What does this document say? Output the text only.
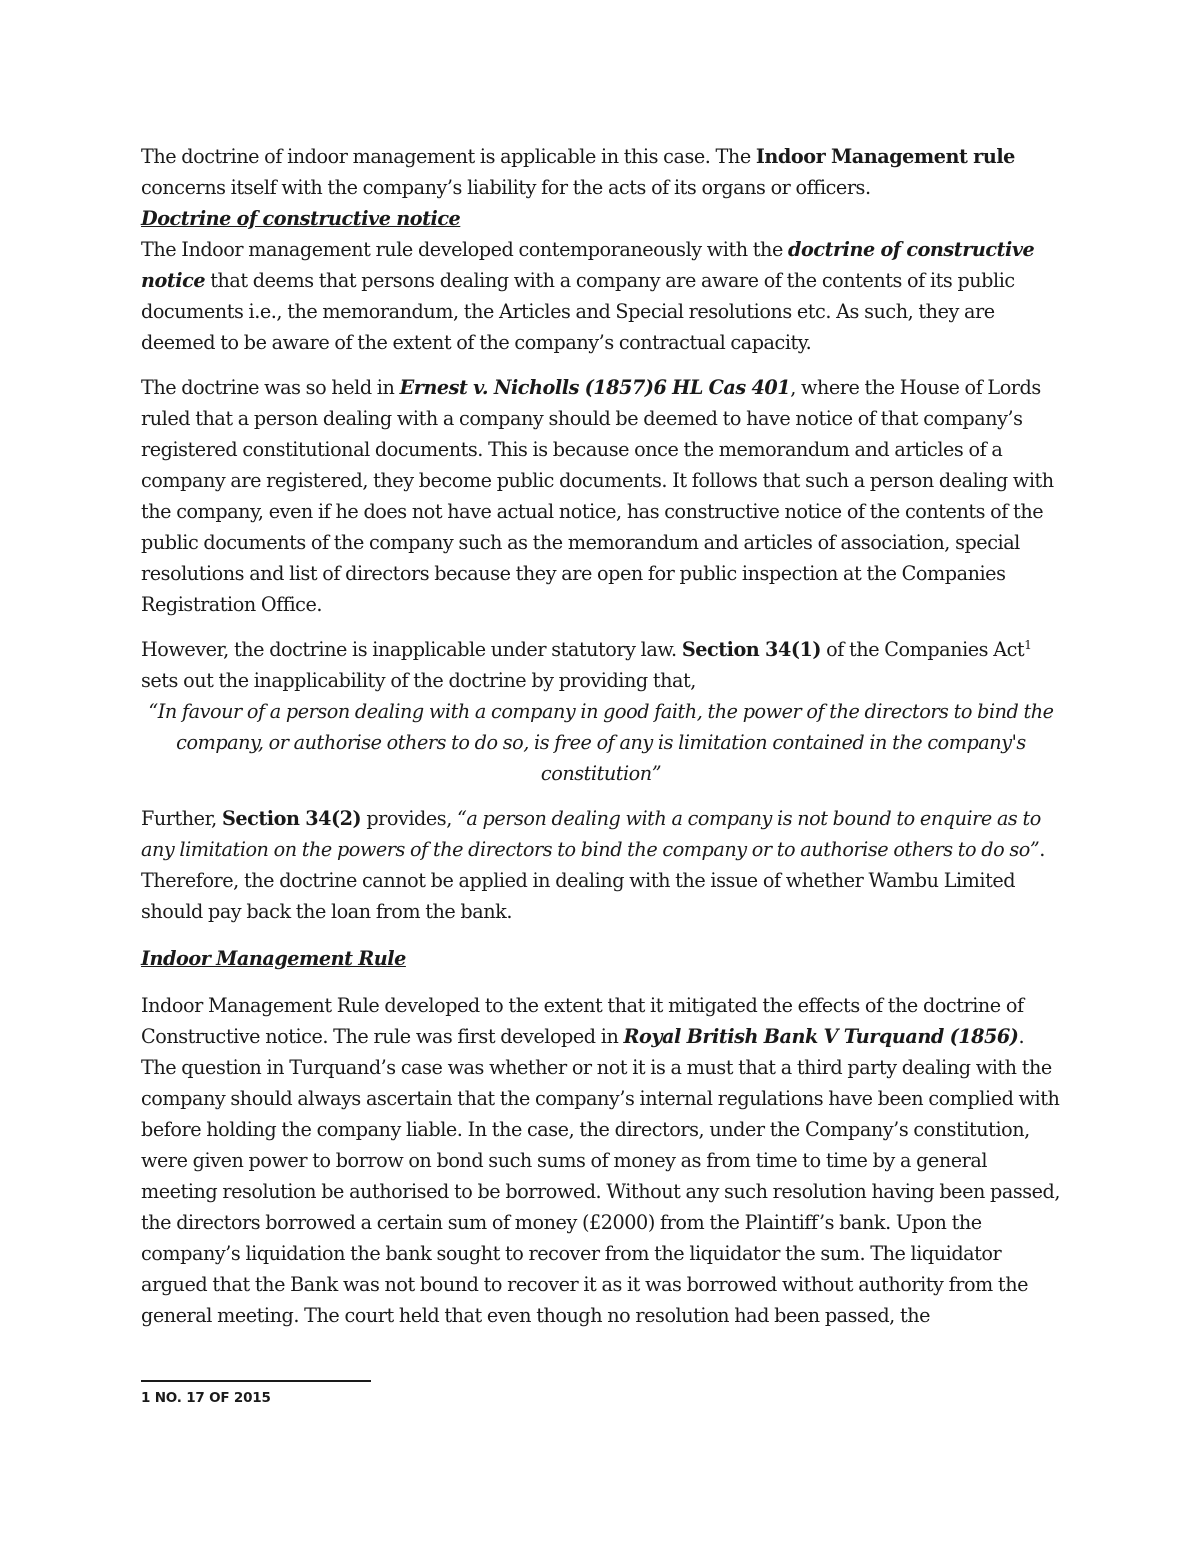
The doctrine of indoor management is applicable in this case. The Indoor Management rule concerns itself with the company’s liability for the acts of its organs or officers.

Doctrine of constructive notice

The Indoor management rule developed contemporaneously with the doctrine of constructive notice that deems that persons dealing with a company are aware of the contents of its public documents i.e., the memorandum, the Articles and Special resolutions etc. As such, they are deemed to be aware of the extent of the company’s contractual capacity.

The doctrine was so held in Ernest v. Nicholls (1857)6 HL Cas 401, where the House of Lords ruled that a person dealing with a company should be deemed to have notice of that company’s registered constitutional documents. This is because once the memorandum and articles of a company are registered, they become public documents. It follows that such a person dealing with the company, even if he does not have actual notice, has constructive notice of the contents of the public documents of the company such as the memorandum and articles of association, special resolutions and list of directors because they are open for public inspection at the Companies Registration Office.

However, the doctrine is inapplicable under statutory law. Section 34(1) of the Companies Act$^1$ sets out the inapplicability of the doctrine by providing that,

“In favour of a person dealing with a company in good faith, the power of the directors to bind the company, or authorise others to do so, is free of any is limitation contained in the company's constitution”

Further, Section 34(2) provides, “a person dealing with a company is not bound to enquire as to any limitation on the powers of the directors to bind the company or to authorise others to do so”.

Therefore, the doctrine cannot be applied in dealing with the issue of whether Wambu Limited should pay back the loan from the bank.

Indoor Management Rule

Indoor Management Rule developed to the extent that it mitigated the effects of the doctrine of Constructive notice. The rule was first developed in Royal British Bank V Turquand (1856). The question in Turquand’s case was whether or not it is a must that a third party dealing with the company should always ascertain that the company’s internal regulations have been complied with before holding the company liable. In the case, the directors, under the Company’s constitution, were given power to borrow on bond such sums of money as from time to time by a general meeting resolution be authorised to be borrowed. Without any such resolution having been passed, the directors borrowed a certain sum of money (£2000) from the Plaintiff’s bank. Upon the company’s liquidation the bank sought to recover from the liquidator the sum. The liquidator argued that the Bank was not bound to recover it as it was borrowed without authority from the general meeting. The court held that even though no resolution had been passed, the

1 NO. 17 OF 2015
